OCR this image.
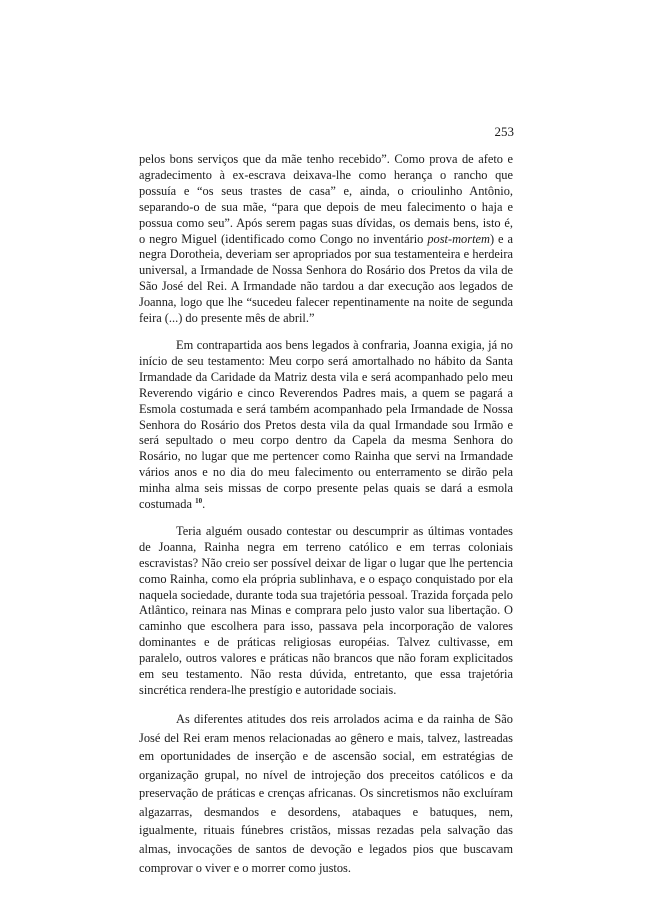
253

pelos bons serviços que da mãe tenho recebido”. Como prova de afeto e agradecimento à ex-escrava deixava-lhe como herança o rancho que possuía e “os seus trastes de casa” e, ainda, o crioulinho Antônio, separando-o de sua mãe, “para que depois de meu falecimento o haja e possua como seu”. Após serem pagas suas dívidas, os demais bens, isto é, o negro Miguel (identificado como Congo no inventário post-mortem) e a negra Dorotheia, deveriam ser apropriados por sua testamenteira e herdeira universal, a Irmandade de Nossa Senhora do Rosário dos Pretos da vila de São José del Rei. A Irmandade não tardou a dar execução aos legados de Joanna, logo que lhe “sucedeu falecer repentinamente na noite de segunda feira (...) do presente mês de abril.”

Em contrapartida aos bens legados à confraria, Joanna exigia, já no início de seu testamento: Meu corpo será amortalhado no hábito da Santa Irmandade da Caridade da Matriz desta vila e será acompanhado pelo meu Reverendo vigário e cinco Reverendos Padres mais, a quem se pagará a Esmola costumada e será também acompanhado pela Irmandade de Nossa Senhora do Rosário dos Pretos desta vila da qual Irmandade sou Irmão e será sepultado o meu corpo dentro da Capela da mesma Senhora do Rosário, no lugar que me pertencer como Rainha que servi na Irmandade vários anos e no dia do meu falecimento ou enterramento se dirão pela minha alma seis missas de corpo presente pelas quais se dará a esmola costumada $^{10}$.

Teria alguém ousado contestar ou descumprir as últimas vontades de Joanna, Rainha negra em terreno católico e em terras coloniais escravistas? Não creio ser possível deixar de ligar o lugar que lhe pertencia como Rainha, como ela própria sublinhava, e o espaço conquistado por ela naquela sociedade, durante toda sua trajetória pessoal. Trazida forçada pelo Atlântico, reinara nas Minas e comprara pelo justo valor sua libertação. O caminho que escolhera para isso, passava pela incorporação de valores dominantes e de práticas religiosas européias. Talvez cultivasse, em paralelo, outros valores e práticas não brancos que não foram explicitados em seu testamento. Não resta dúvida, entretanto, que essa trajetória sincrética rendera-lhe prestígio e autoridade sociais.

As diferentes atitudes dos reis arrolados acima e da rainha de São José del Rei eram menos relacionadas ao gênero e mais, talvez, lastreadas em oportunidades de inserção e de ascensão social, em estratégias de organização grupal, no nível de introjeção dos preceitos católicos e da preservação de práticas e crenças africanas. Os sincretismos não excluíram algazarras, desmandos e desordens, atabaques e batuques, nem, igualmente, rituais fúnebres cristãos, missas rezadas pela salvação das almas, invocações de santos de devoção e legados pios que buscavam comprovar o viver e o morrer como justos.
